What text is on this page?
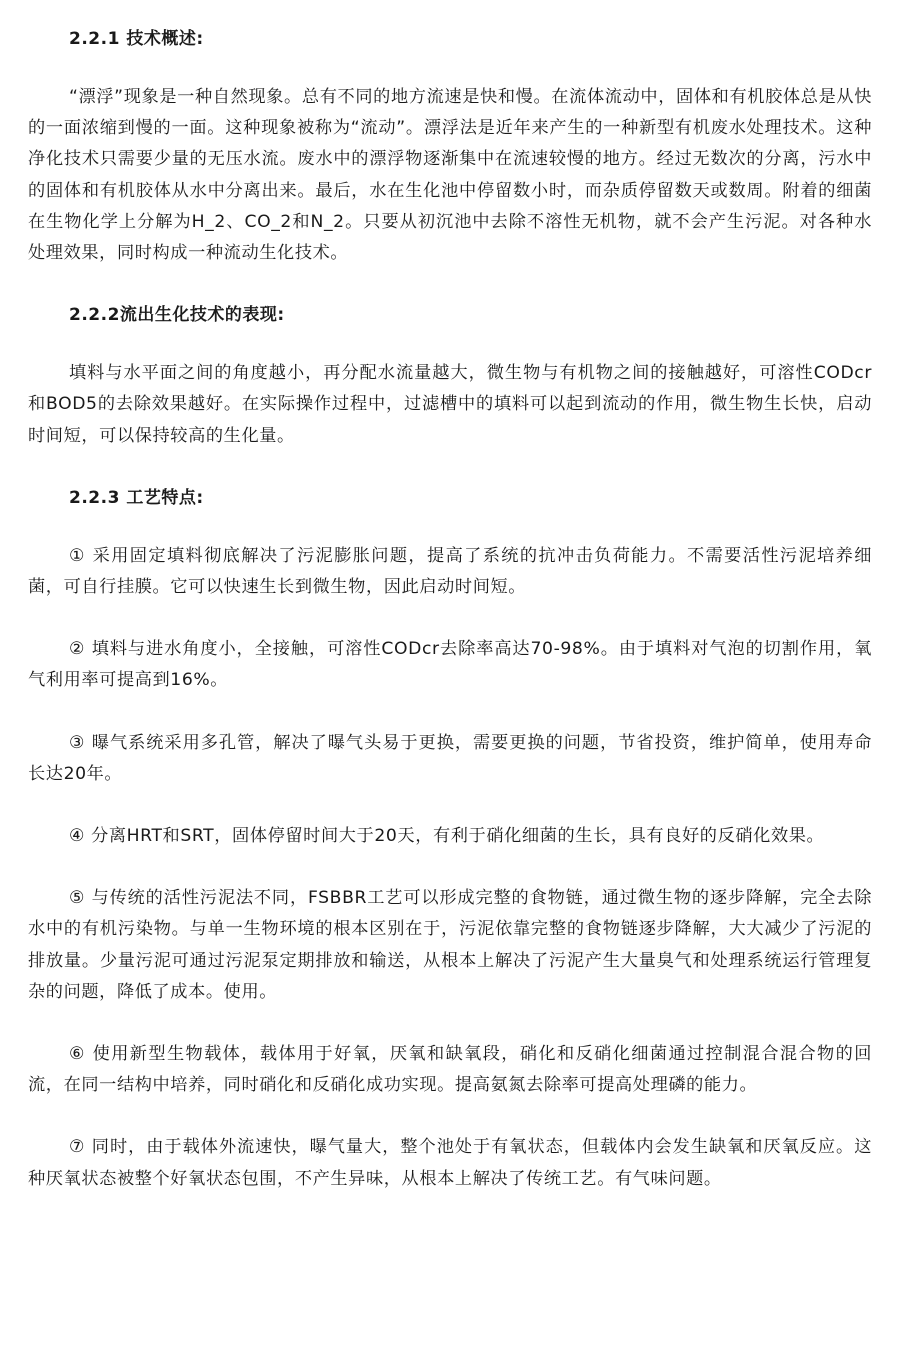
2.2.1 技术概述:

“漂浮”现象是一种自然现象。总有不同的地方流速是快和慢。在流体流动中，固体和有机胶体总是从快的一面浓缩到慢的一面。这种现象被称为“流动”。漂浮法是近年来产生的一种新型有机废水处理技术。这种净化技术只需要少量的无压水流。废水中的漂浮物逐渐集中在流速较慢的地方。经过无数次的分离，污水中的固体和有机胶体从水中分离出来。最后，水在生化池中停留数小时，而杂质停留数天或数周。附着的细菌在生物化学上分解为H_2、CO_2和N_2。只要从初沉池中去除不溶性无机物，就不会产生污泥。对各种水处理效果，同时构成一种流动生化技术。

2.2.2流出生化技术的表现:

填料与水平面之间的角度越小，再分配水流量越大，微生物与有机物之间的接触越好，可溶性CODcr和BOD5的去除效果越好。在实际操作过程中，过滤槽中的填料可以起到流动的作用，微生物生长快，启动时间短，可以保持较高的生化量。

2.2.3 工艺特点:

① 采用固定填料彻底解决了污泥膨胀问题，提高了系统的抗冲击负荷能力。不需要活性污泥培养细菌，可自行挂膜。它可以快速生长到微生物，因此启动时间短。

② 填料与进水角度小，全接触，可溶性CODcr去除率高达70-98%。由于填料对气泡的切割作用，氧气利用率可提高到16%。

③ 曝气系统采用多孔管，解决了曝气头易于更换，需要更换的问题，节省投资，维护简单，使用寿命长达20年。

④ 分离HRT和SRT，固体停留时间大于20天，有利于硝化细菌的生长，具有良好的反硝化效果。

⑤ 与传统的活性污泥法不同，FSBBR工艺可以形成完整的食物链，通过微生物的逐步降解，完全去除水中的有机污染物。与单一生物环境的根本区别在于，污泥依靠完整的食物链逐步降解，大大减少了污泥的排放量。少量污泥可通过污泥泵定期排放和输送，从根本上解决了污泥产生大量臭气和处理系统运行管理复杂的问题，降低了成本。使用。

⑥ 使用新型生物载体，载体用于好氧，厌氧和缺氧段，硝化和反硝化细菌通过控制混合混合物的回流，在同一结构中培养，同时硝化和反硝化成功实现。提高氨氮去除率可提高处理磷的能力。

⑦ 同时，由于载体外流速快，曝气量大，整个池处于有氧状态，但载体内会发生缺氧和厌氧反应。这种厌氧状态被整个好氧状态包围，不产生异味，从根本上解决了传统工艺。有气味问题。
